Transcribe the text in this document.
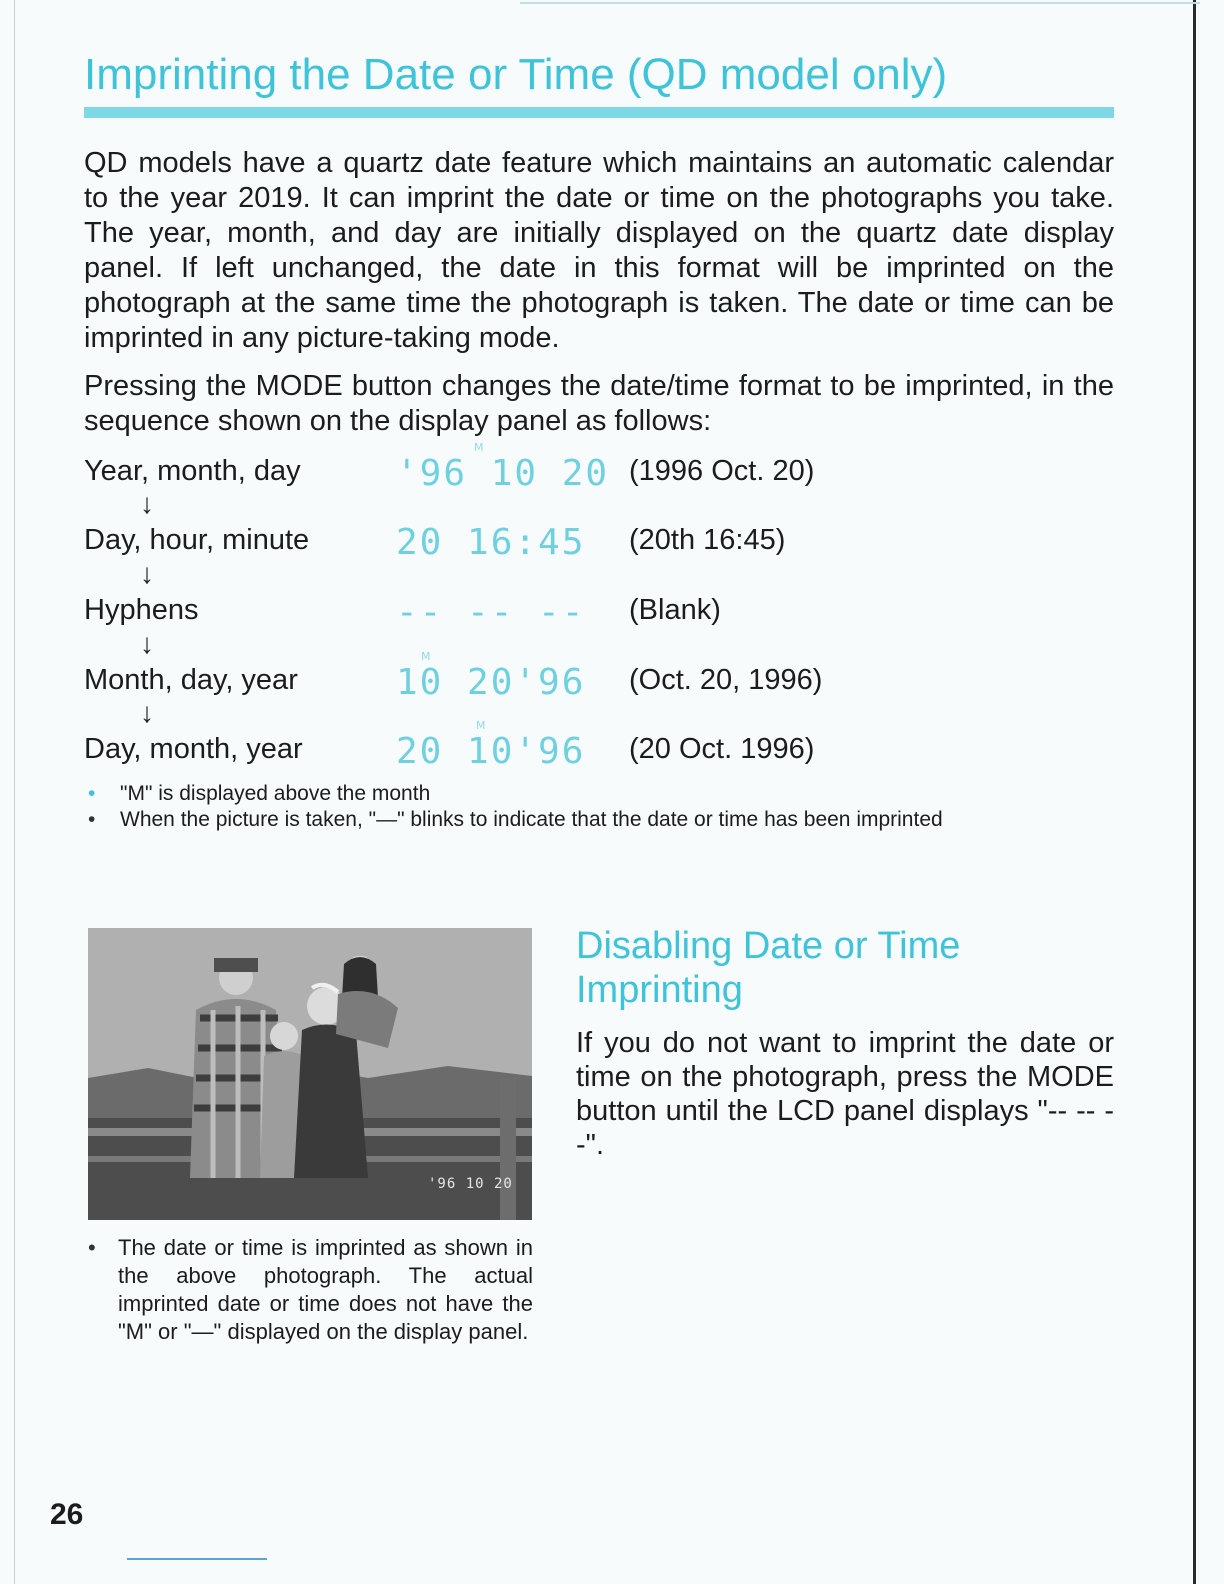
Imprinting the Date or Time (QD model only)

QD models have a quartz date feature which maintains an automatic calendar to the year 2019. It can imprint the date or time on the photographs you take. The year, month, and day are initially displayed on the quartz date display panel. If left unchanged, the date in this format will be imprinted on the photograph at the same time the photograph is taken. The date or time can be imprinted in any picture-taking mode.

Pressing the MODE button changes the date/time format to be imprinted, in the sequence shown on the display panel as follows:

Year, month, day
M
'96 10 20 (1996 Oct. 20)
↓
Day, hour, minute 20 16:45 (20th 16:45)
↓
Hyphens	-- -- -- (Blank)
↓
Month, day, year
M
10 20'96 (Oct. 20, 1996)
↓
Day, month, year
M
20 10'96 (20 Oct. 1996)

• "M" is displayed above the month

• When the picture is taken, "—" blinks to indicate that the date or time has been imprinted

'96 10 20

• The date or time is imprinted as shown in the above photograph. The actual imprinted date or time does not have the "M" or "—" displayed on the display panel.

Disabling Date or Time Imprinting

If you do not want to imprint the date or time on the photograph, press the MODE button until the LCD panel displays "-- -- --".

26
